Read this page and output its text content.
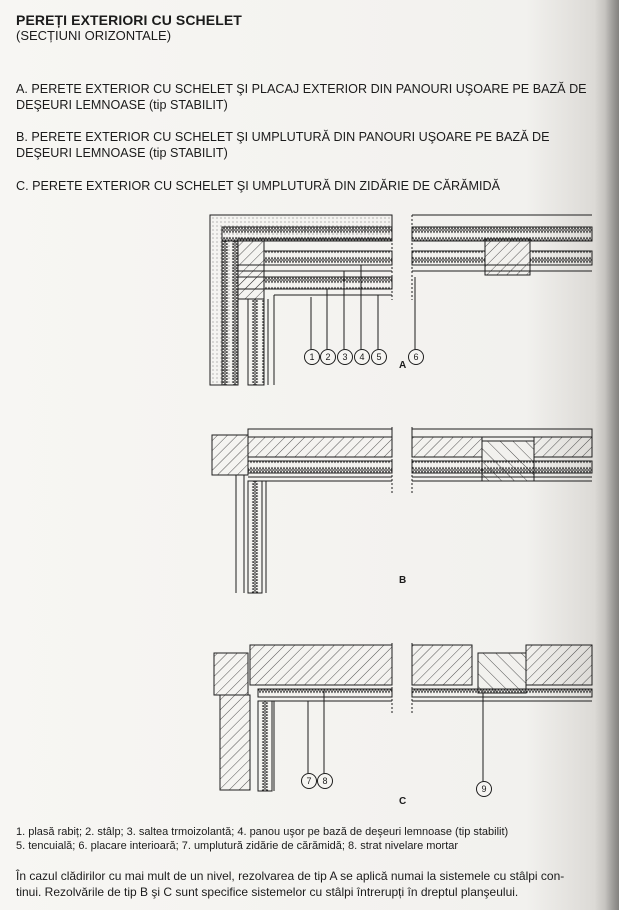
PEREȚI EXTERIORI CU SCHELET
(SECȚIUNI ORIZONTALE)
A. PERETE EXTERIOR CU SCHELET ŞI PLACAJ EXTERIOR DIN PANOURI UŞOARE PE BAZĂ DE
DEŞEURI LEMNOASE (tip STABILIT)
B. PERETE EXTERIOR CU SCHELET ŞI UMPLUTURĂ DIN PANOURI UŞOARE PE BAZĂ DE
DEŞEURI LEMNOASE (tip STABILIT)
C. PERETE EXTERIOR CU SCHELET ŞI UMPLUTURĂ DIN ZIDĂRIE DE CĂRĂMIDĂ
A
B
C
1. plasă rabiț; 2. stâlp; 3. saltea trmoizolantă; 4. panou uşor pe bază de deşeuri lemnoase (tip stabilit)
5. tencuială; 6. placare interioară; 7. umplutură zidărie de cărămidă; 8. strat nivelare mortar
În cazul clădirilor cu mai mult de un nivel, rezolvarea de tip A se aplică numai la sistemele cu stâlpi con-
tinui. Rezolvările de tip B şi C sunt specifice sistemelor cu stâlpi întrerupți în dreptul planşeului.
1	2	3	4	5	6
7	8
9
